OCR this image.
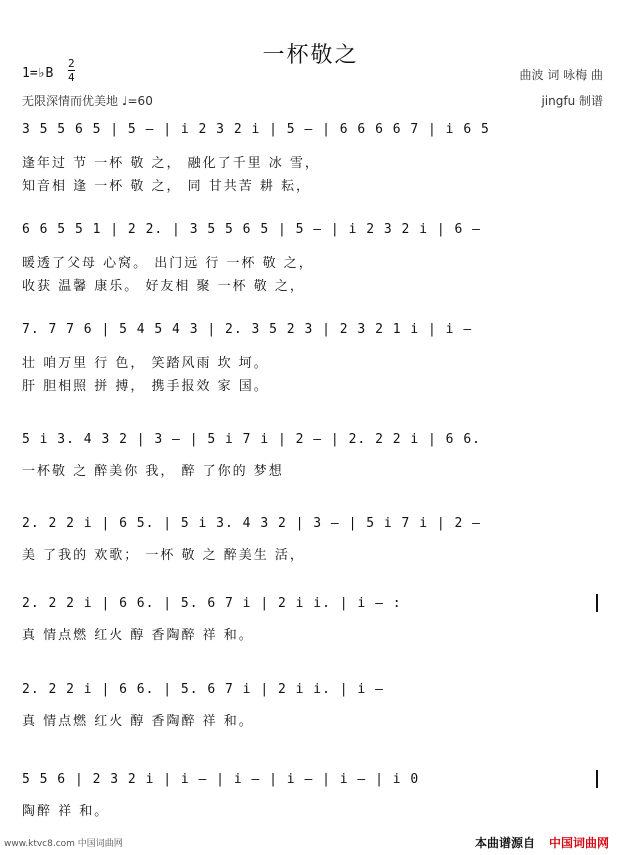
一杯敬之
1=♭B
2
4
无限深情而优美地 ♩=60
曲波 词 咏梅 曲
jingfu 制谱
3 5 5 6 5 | 5 – | i 2 3 2 i | 5 – | 6 6 6 6 7 | i 6 5
逢年过 节 一杯 敬 之， 融化了千里 冰 雪，
知音相 逢 一杯 敬 之， 同 甘共苦 耕 耘，
6 6 5 5 1 | 2 2. | 3 5 5 6 5 | 5 – | i 2 3 2 i | 6 –
暖透了父母 心窝。 出门远 行 一杯 敬 之，
收获 温馨 康乐。 好友相 聚 一杯 敬 之，
7. 7 7 6 | 5 4 5 4 3 | 2. 3 5 2 3 | 2 3 2 1 i | i –
壮 咱万里 行 色， 笑踏风雨 坎 坷。
肝 胆相照 拼 搏， 携手报效 家 国。
5 i 3. 4 3 2 | 3 – | 5 i 7 i | 2 – | 2. 2 2 i | 6 6.
一杯敬 之 醉美你 我， 醉 了你的 梦想
2. 2 2 i | 6 5. | 5 i 3. 4 3 2 | 3 – | 5 i 7 i | 2 –
美 了我的 欢歌； 一杯 敬 之 醉美生 活，
2. 2 2 i | 6 6. | 5. 6 7 i | 2 i i. | i – :
真 情点燃 红火 醇 香陶醉 祥 和。
2. 2 2 i | 6 6. | 5. 6 7 i | 2 i i. | i –
真 情点燃 红火 醇 香陶醉 祥 和。
5 5 6 | 2 3 2 i | i – | i – | i – | i – | i 0
陶醉 祥 和。
www.ktvc8.com 中国词曲网	本曲谱源自 中国词曲网
